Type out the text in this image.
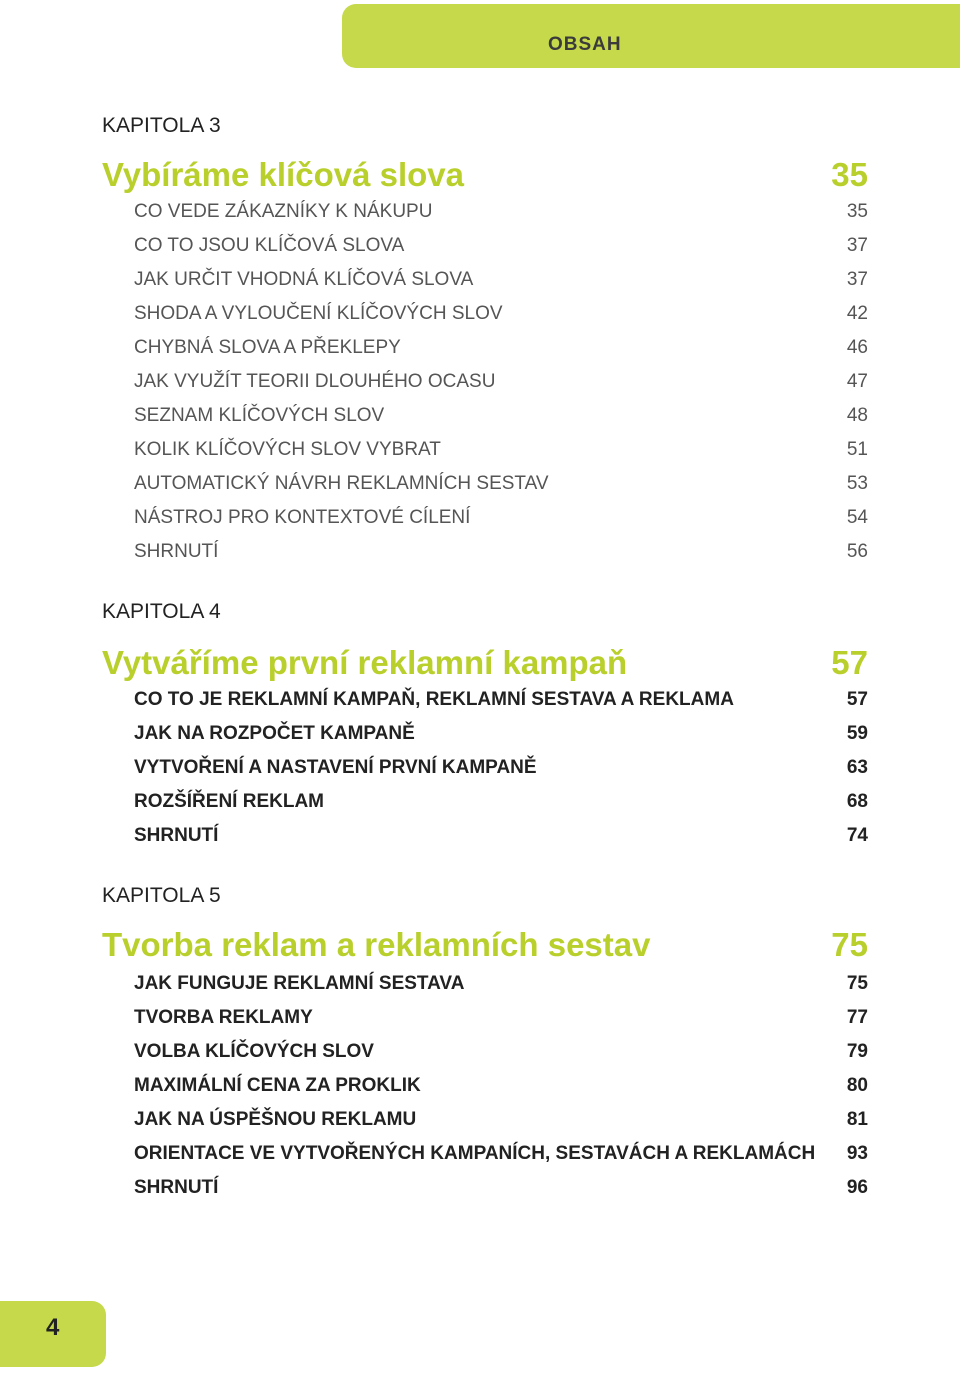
OBSAH
KAPITOLA 3
Vybíráme klíčová slova	35
CO VEDE ZÁKAZNÍKY K NÁKUPU	35
CO TO JSOU KLÍČOVÁ SLOVA	37
JAK URČIT VHODNÁ KLÍČOVÁ SLOVA	37
SHODA A VYLOUČENÍ KLÍČOVÝCH SLOV	42
CHYBNÁ SLOVA A PŘEKLEPY	46
JAK VYUŽÍT TEORII DLOUHÉHO OCASU	47
SEZNAM KLÍČOVÝCH SLOV	48
KOLIK KLÍČOVÝCH SLOV VYBRAT	51
AUTOMATICKÝ NÁVRH REKLAMNÍCH SESTAV	53
NÁSTROJ PRO KONTEXTOVÉ CÍLENÍ	54
SHRNUTÍ	56
KAPITOLA 4
Vytváříme první reklamní kampaň	57
CO TO JE REKLAMNÍ KAMPAŇ, REKLAMNÍ SESTAVA A REKLAMA	57
JAK NA ROZPOČET KAMPANĚ	59
VYTVOŘENÍ A NASTAVENÍ PRVNÍ KAMPANĚ	63
ROZŠÍŘENÍ REKLAM	68
SHRNUTÍ	74
KAPITOLA 5
Tvorba reklam a reklamních sestav	75
JAK FUNGUJE REKLAMNÍ SESTAVA	75
TVORBA REKLAMY	77
VOLBA KLÍČOVÝCH SLOV	79
MAXIMÁLNÍ CENA ZA PROKLIK	80
JAK NA ÚSPĚŠNOU REKLAMU	81
ORIENTACE VE VYTVOŘENÝCH KAMPANÍCH, SESTAVÁCH A REKLAMÁCH 93
SHRNUTÍ	96
4
